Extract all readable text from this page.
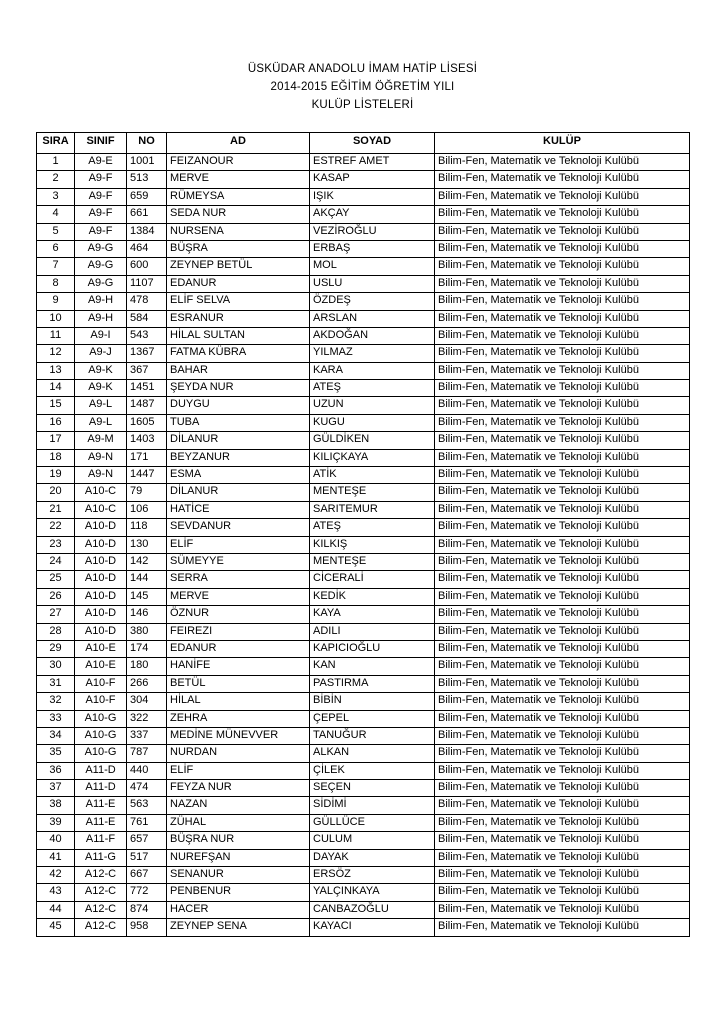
ÜSKÜDAR ANADOLU İMAM HATİP LİSESİ
2014-2015 EĞİTİM ÖĞRETİM YILI
KULÜP LİSTELERİ
SIRA	SINIF	NO	AD	SOYAD	KULÜP
1	A9-E	1001	FEIZANOUR	ESTREF AMET	Bilim-Fen, Matematik ve Teknoloji Kulübü
2	A9-F	513	MERVE	KASAP	Bilim-Fen, Matematik ve Teknoloji Kulübü
3	A9-F	659	RÜMEYSA	IŞIK	Bilim-Fen, Matematik ve Teknoloji Kulübü
4	A9-F	661	SEDA NUR	AKÇAY	Bilim-Fen, Matematik ve Teknoloji Kulübü
5	A9-F	1384	NURSENA	VEZİROĞLU	Bilim-Fen, Matematik ve Teknoloji Kulübü
6	A9-G	464	BÜŞRA	ERBAŞ	Bilim-Fen, Matematik ve Teknoloji Kulübü
7	A9-G	600	ZEYNEP BETÜL	MOL	Bilim-Fen, Matematik ve Teknoloji Kulübü
8	A9-G	1107	EDANUR	USLU	Bilim-Fen, Matematik ve Teknoloji Kulübü
9	A9-H	478	ELİF SELVA	ÖZDEŞ	Bilim-Fen, Matematik ve Teknoloji Kulübü
10	A9-H	584	ESRANUR	ARSLAN	Bilim-Fen, Matematik ve Teknoloji Kulübü
11	A9-I	543	HİLAL SULTAN	AKDOĞAN	Bilim-Fen, Matematik ve Teknoloji Kulübü
12	A9-J	1367	FATMA KÜBRA	YILMAZ	Bilim-Fen, Matematik ve Teknoloji Kulübü
13	A9-K	367	BAHAR	KARA	Bilim-Fen, Matematik ve Teknoloji Kulübü
14	A9-K	1451	ŞEYDA NUR	ATEŞ	Bilim-Fen, Matematik ve Teknoloji Kulübü
15	A9-L	1487	DUYGU	UZUN	Bilim-Fen, Matematik ve Teknoloji Kulübü
16	A9-L	1605	TUBA	KUGU	Bilim-Fen, Matematik ve Teknoloji Kulübü
17	A9-M	1403	DİLANUR	GÜLDİKEN	Bilim-Fen, Matematik ve Teknoloji Kulübü
18	A9-N	171	BEYZANUR	KILIÇKAYA	Bilim-Fen, Matematik ve Teknoloji Kulübü
19	A9-N	1447	ESMA	ATİK	Bilim-Fen, Matematik ve Teknoloji Kulübü
20	A10-C	79	DİLANUR	MENTEŞE	Bilim-Fen, Matematik ve Teknoloji Kulübü
21	A10-C	106	HATİCE	SARITEMUR	Bilim-Fen, Matematik ve Teknoloji Kulübü
22	A10-D	118	SEVDANUR	ATEŞ	Bilim-Fen, Matematik ve Teknoloji Kulübü
23	A10-D	130	ELİF	KILKIŞ	Bilim-Fen, Matematik ve Teknoloji Kulübü
24	A10-D	142	SÜMEYYE	MENTEŞE	Bilim-Fen, Matematik ve Teknoloji Kulübü
25	A10-D	144	SERRA	CİCERALİ	Bilim-Fen, Matematik ve Teknoloji Kulübü
26	A10-D	145	MERVE	KEDİK	Bilim-Fen, Matematik ve Teknoloji Kulübü
27	A10-D	146	ÖZNUR	KAYA	Bilim-Fen, Matematik ve Teknoloji Kulübü
28	A10-D	380	FEIREZI	ADILI	Bilim-Fen, Matematik ve Teknoloji Kulübü
29	A10-E	174	EDANUR	KAPICIOĞLU	Bilim-Fen, Matematik ve Teknoloji Kulübü
30	A10-E	180	HANİFE	KAN	Bilim-Fen, Matematik ve Teknoloji Kulübü
31	A10-F	266	BETÜL	PASTIRMA	Bilim-Fen, Matematik ve Teknoloji Kulübü
32	A10-F	304	HİLAL	BİBİN	Bilim-Fen, Matematik ve Teknoloji Kulübü
33	A10-G	322	ZEHRA	ÇEPEL	Bilim-Fen, Matematik ve Teknoloji Kulübü
34	A10-G	337	MEDİNE MÜNEVVER	TANUĞUR	Bilim-Fen, Matematik ve Teknoloji Kulübü
35	A10-G	787	NURDAN	ALKAN	Bilim-Fen, Matematik ve Teknoloji Kulübü
36	A11-D	440	ELİF	ÇİLEK	Bilim-Fen, Matematik ve Teknoloji Kulübü
37	A11-D	474	FEYZA NUR	SEÇEN	Bilim-Fen, Matematik ve Teknoloji Kulübü
38	A11-E	563	NAZAN	SİDİMİ	Bilim-Fen, Matematik ve Teknoloji Kulübü
39	A11-E	761	ZÜHAL	GÜLLÜCE	Bilim-Fen, Matematik ve Teknoloji Kulübü
40	A11-F	657	BÜŞRA NUR	CULUM	Bilim-Fen, Matematik ve Teknoloji Kulübü
41	A11-G	517	NUREFŞAN	DAYAK	Bilim-Fen, Matematik ve Teknoloji Kulübü
42	A12-C	667	SENANUR	ERSÖZ	Bilim-Fen, Matematik ve Teknoloji Kulübü
43	A12-C	772	PENBENUR	YALÇINKAYA	Bilim-Fen, Matematik ve Teknoloji Kulübü
44	A12-C	874	HACER	CANBAZOĞLU	Bilim-Fen, Matematik ve Teknoloji Kulübü
45	A12-C	958	ZEYNEP SENA	KAYACI	Bilim-Fen, Matematik ve Teknoloji Kulübü
